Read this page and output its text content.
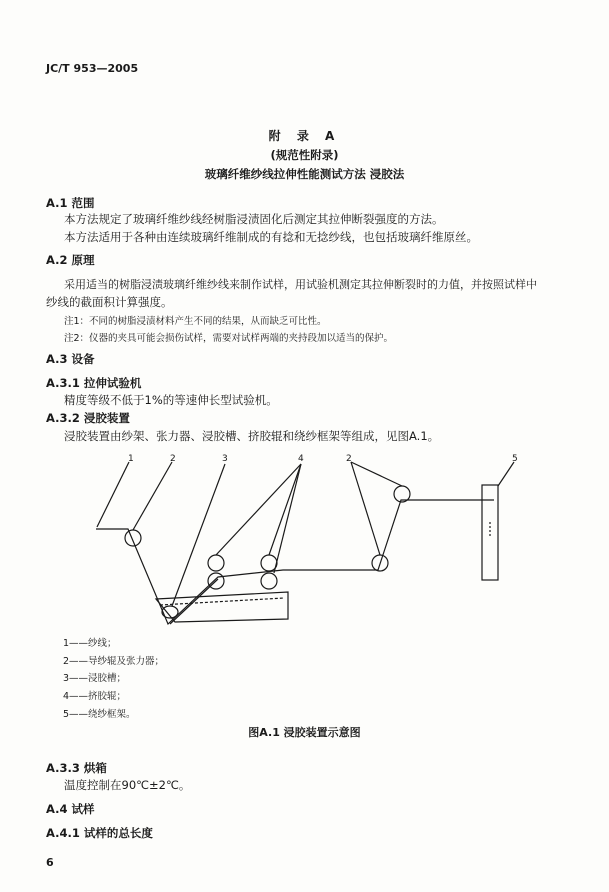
JC/T 953—2005
附 录 A
(规范性附录)
玻璃纤维纱线拉伸性能测试方法 浸胶法
A.1 范围
本方法规定了玻璃纤维纱线经树脂浸渍固化后测定其拉伸断裂强度的方法。
本方法适用于各种由连续玻璃纤维制成的有捻和无捻纱线，也包括玻璃纤维原丝。
A.2 原理
采用适当的树脂浸渍玻璃纤维纱线来制作试样，用试验机测定其拉伸断裂时的力值，并按照试样中
纱线的截面积计算强度。
注1：不同的树脂浸渍材料产生不同的结果，从而缺乏可比性。
注2：仪器的夹具可能会损伤试样，需要对试样两端的夹持段加以适当的保护。
A.3 设备
A.3.1 拉伸试验机
精度等级不低于1%的等速伸长型试验机。
A.3.2 浸胶装置
浸胶装置由纱架、张力器、浸胶槽、挤胶辊和绕纱框架等组成，见图A.1。
1	2	3	4	2	5
1——纱线；
2——导纱辊及张力器；
3——浸胶槽；
4——挤胶辊；
5——绕纱框架。
图A.1 浸胶装置示意图
A.3.3 烘箱
温度控制在90℃±2℃。
A.4 试样
A.4.1 试样的总长度
6
